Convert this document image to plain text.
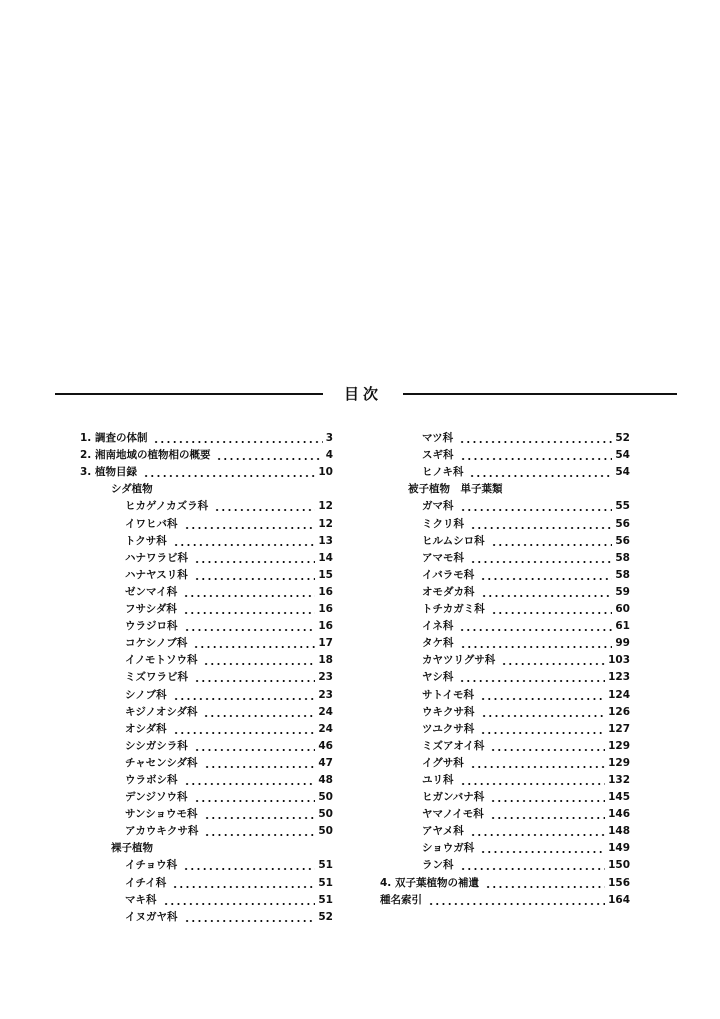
目次
1. 調査の体制	3
2. 湘南地域の植物相の概要	4
3. 植物目録	10
シダ植物
ヒカゲノカズラ科	12
イワヒバ科	12
トクサ科	13
ハナワラビ科	14
ハナヤスリ科	15
ゼンマイ科	16
フサシダ科	16
ウラジロ科	16
コケシノブ科	17
イノモトソウ科	18
ミズワラビ科	23
シノブ科	23
キジノオシダ科	24
オシダ科	24
シシガシラ科	46
チャセンシダ科	47
ウラボシ科	48
デンジソウ科	50
サンショウモ科	50
アカウキクサ科	50
裸子植物
イチョウ科	51
イチイ科	51
マキ科	51
イヌガヤ科	52
マツ科	52
スギ科	54
ヒノキ科	54
被子植物　単子葉類
ガマ科	55
ミクリ科	56
ヒルムシロ科	56
アマモ科	58
イバラモ科	58
オモダカ科	59
トチカガミ科	60
イネ科	61
タケ科	99
カヤツリグサ科	103
ヤシ科	123
サトイモ科	124
ウキクサ科	126
ツユクサ科	127
ミズアオイ科	129
イグサ科	129
ユリ科	132
ヒガンバナ科	145
ヤマノイモ科	146
アヤメ科	148
ショウガ科	149
ラン科	150
4. 双子葉植物の補遺	156
種名索引	164
